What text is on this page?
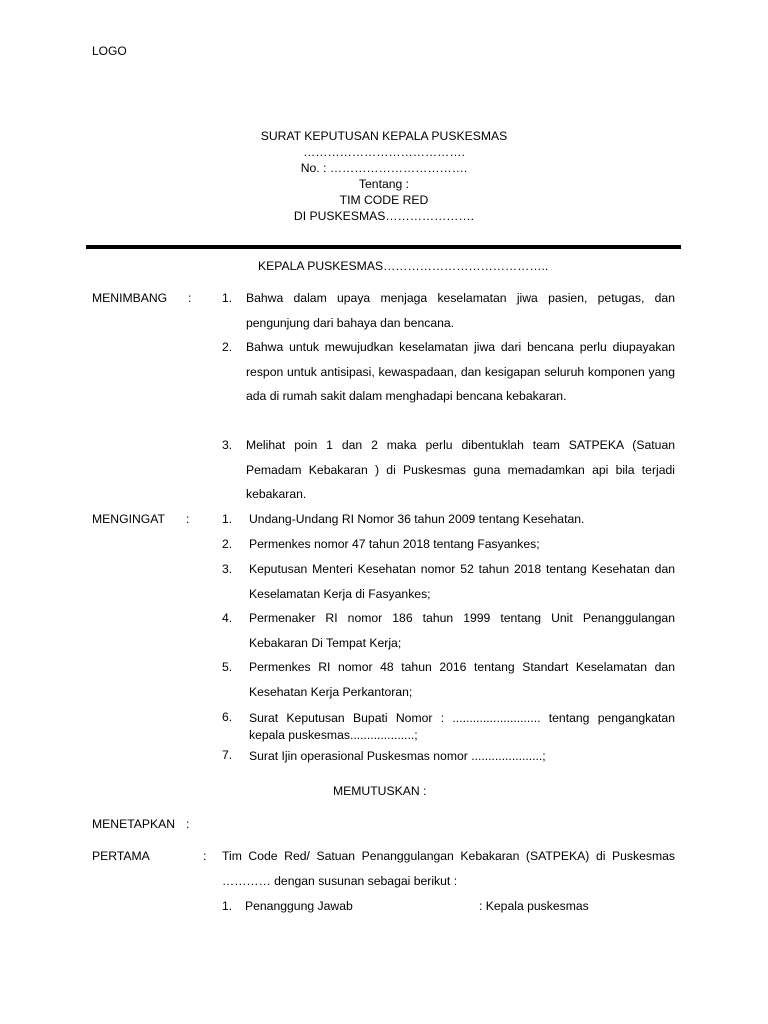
LOGO
SURAT KEPUTUSAN KEPALA PUSKESMAS
………………………………….
No. : …………………………….
Tentang :
TIM CODE RED
DI PUSKESMAS………………….
KEPALA PUSKESMAS…………………………………..
MENIMBANG :	1. Bahwa dalam upaya menjaga keselamatan jiwa pasien, petugas, dan pengunjung dari bahaya dan bencana.
2. Bahwa untuk mewujudkan keselamatan jiwa dari bencana perlu diupayakan respon untuk antisipasi, kewaspadaan, dan kesigapan seluruh komponen yang ada di rumah sakit dalam menghadapi bencana kebakaran.
3. Melihat poin 1 dan 2 maka perlu dibentuklah team SATPEKA (Satuan Pemadam Kebakaran ) di Puskesmas guna memadamkan api bila terjadi kebakaran.
MENGINGAT :	1. Undang-Undang RI Nomor 36 tahun 2009 tentang Kesehatan.
2. Permenkes nomor 47 tahun 2018 tentang Fasyankes;
3. Keputusan Menteri Kesehatan nomor 52 tahun 2018 tentang Kesehatan dan Keselamatan Kerja di Fasyankes;
4. Permenaker RI nomor 186 tahun 1999 tentang Unit Penanggulangan Kebakaran Di Tempat Kerja;
5. Permenkes RI nomor 48 tahun 2016 tentang Standart Keselamatan dan Kesehatan Kerja Perkantoran;
6. Surat Keputusan Bupati Nomor : .......................... tentang pengangkatan kepala puskesmas...................;
7. Surat Ijin operasional Puskesmas nomor .....................;
MEMUTUSKAN :
MENETAPKAN :
PERTAMA	: Tim Code Red/ Satuan Penanggulangan Kebakaran (SATPEKA) di Puskesmas ………… dengan susunan sebagai berikut :
1. Penanggung Jawab	: Kepala puskesmas
